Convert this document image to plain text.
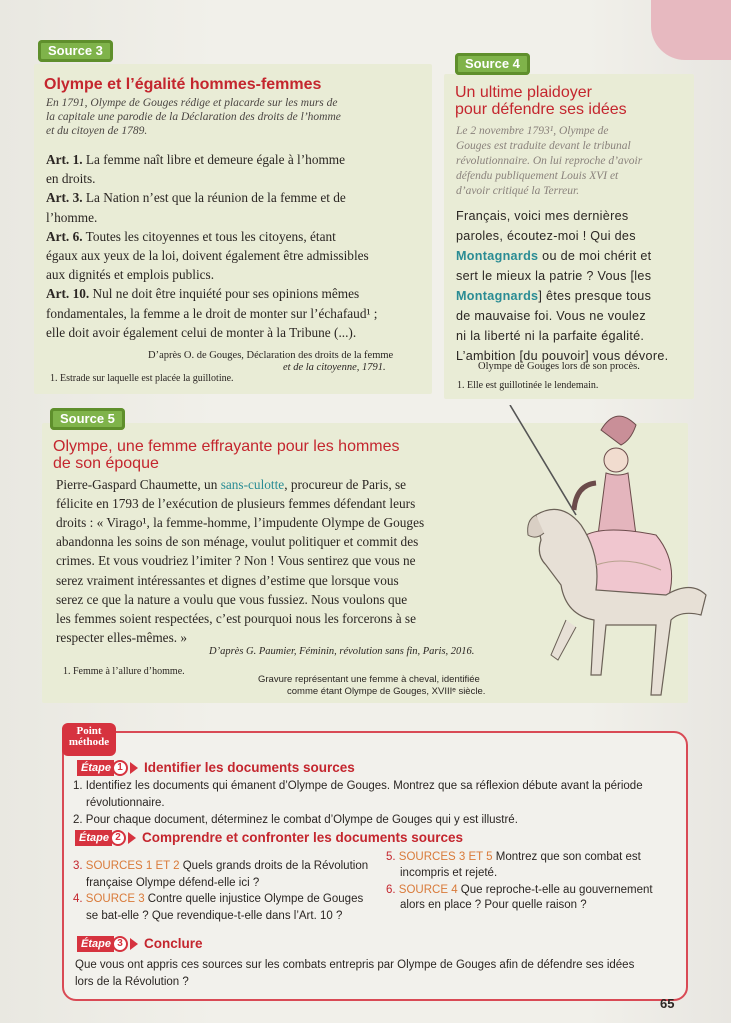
Source 3
Olympe et l’égalité hommes-femmes
En 1791, Olympe de Gouges rédige et placarde sur les murs de
la capitale une parodie de la Déclaration des droits de l’homme
et du citoyen de 1789.
Art. 1. La femme naît libre et demeure égale à l’homme
en droits.
Art. 3. La Nation n’est que la réunion de la femme et de
l’homme.
Art. 6. Toutes les citoyennes et tous les citoyens, étant
égaux aux yeux de la loi, doivent également être admissibles
aux dignités et emplois publics.
Art. 10. Nul ne doit être inquiété pour ses opinions mêmes
fondamentales, la femme a le droit de monter sur l’échafaud¹ ;
elle doit avoir également celui de monter à la Tribune (...).
D’après O. de Gouges, Déclaration des droits de la femme
et de la citoyenne, 1791.
1. Estrade sur laquelle est placée la guillotine.
Source 4
Un ultime plaidoyer
pour défendre ses idées
Le 2 novembre 1793¹, Olympe de
Gouges est traduite devant le tribunal
révolutionnaire. On lui reproche d’avoir
défendu publiquement Louis XVI et
d’avoir critiqué la Terreur.
Français, voici mes dernières
paroles, écoutez-moi ! Qui des
Montagnards ou de moi chérit et
sert le mieux la patrie ? Vous [les
Montagnards] êtes presque tous
de mauvaise foi. Vous ne voulez
ni la liberté ni la parfaite égalité.
L’ambition [du pouvoir] vous dévore.
Olympe de Gouges lors de son procès.
1. Elle est guillotinée le lendemain.
Source 5
Olympe, une femme effrayante pour les hommes
de son époque
Pierre-Gaspard Chaumette, un sans-culotte, procureur de Paris, se
félicite en 1793 de l’exécution de plusieurs femmes défendant leurs
droits : « Virago¹, la femme-homme, l’impudente Olympe de Gouges
abandonna les soins de son ménage, voulut politiquer et commit des
crimes. Et vous voudriez l’imiter ? Non ! Vous sentirez que vous ne
serez vraiment intéressantes et dignes d’estime que lorsque vous
serez ce que la nature a voulu que vous fussiez. Nous voulons que
les femmes soient respectées, c’est pourquoi nous les forcerons à se
respecter elles-mêmes. »
D’après G. Paumier, Féminin, révolution sans fin, Paris, 2016.
1. Femme à l’allure d’homme.
Gravure représentant une femme à cheval, identifiée
comme étant Olympe de Gouges, XVIIIᵉ siècle.
Point
méthode
Étape 1	Identifier les documents sources
1. Identifiez les documents qui émanent d’Olympe de Gouges. Montrez que sa réflexion débute avant la période
révolutionnaire.
2. Pour chaque document, déterminez le combat d’Olympe de Gouges qui y est illustré.
Étape 2	Comprendre et confronter les documents sources
3. SOURCES 1 ET 2 Quels grands droits de la Révolution
française Olympe défend-elle ici ?
4. SOURCE 3 Contre quelle injustice Olympe de Gouges
se bat-elle ? Que revendique-t-elle dans l’Art. 10 ?
5. SOURCES 3 ET 5 Montrez que son combat est
incompris et rejeté.
6. SOURCE 4 Que reproche-t-elle au gouvernement
alors en place ? Pour quelle raison ?
Étape 3	Conclure
Que vous ont appris ces sources sur les combats entrepris par Olympe de Gouges afin de défendre ses idées
lors de la Révolution ?
65
